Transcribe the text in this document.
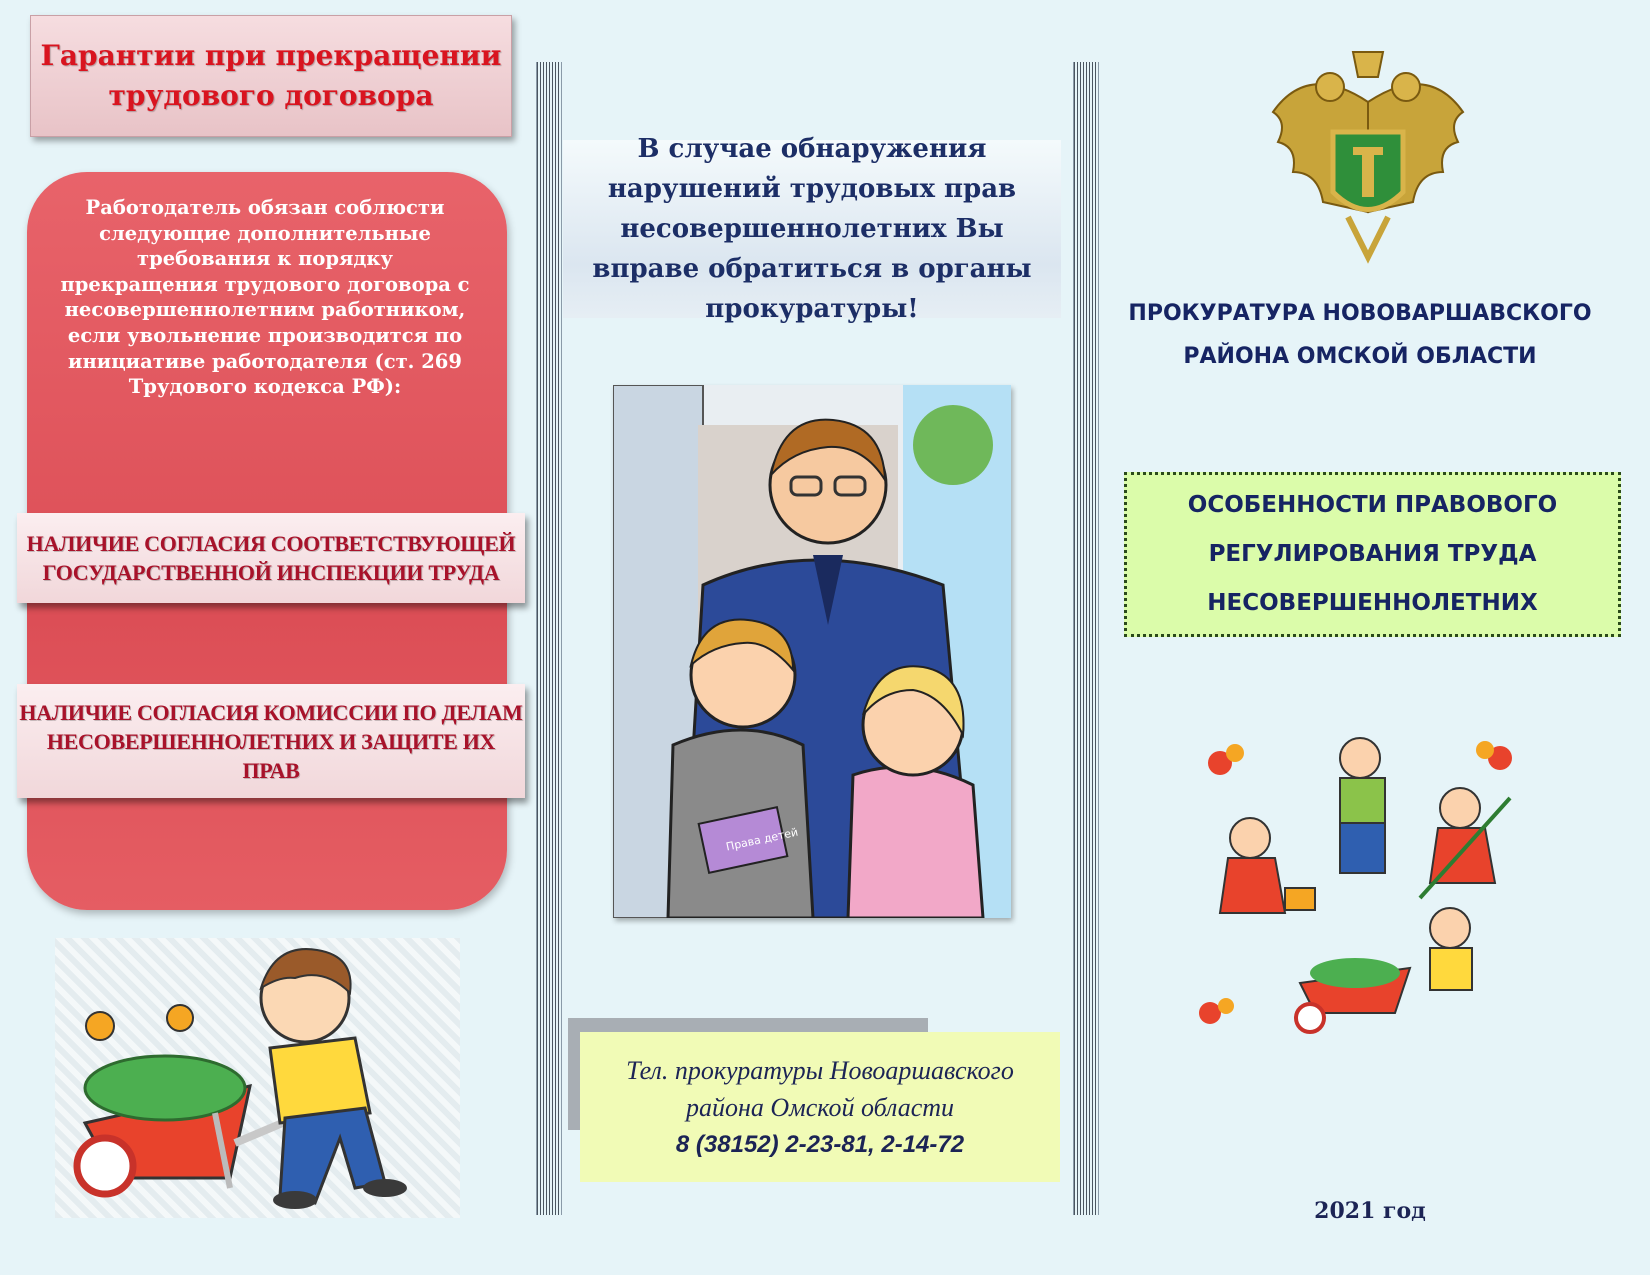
Гарантии при прекращении трудового договора
Работодатель обязан соблюсти следующие дополнительные требования к порядку прекращения трудового договора с несовершеннолетним работником, если увольнение производится по инициативе работодателя (ст. 269 Трудового кодекса РФ):
НАЛИЧИЕ СОГЛАСИЯ СООТВЕТСТВУЮЩЕЙ ГОСУДАРСТВЕННОЙ ИНСПЕКЦИИ ТРУДА
НАЛИЧИЕ СОГЛАСИЯ КОМИССИИ ПО ДЕЛАМ НЕСОВЕРШЕННОЛЕТНИХ И ЗАЩИТЕ ИХ ПРАВ
В случае обнаружения нарушений трудовых прав несовершеннолетних Вы вправе обратиться в органы прокуратуры!
Права детей
Тел. прокуратуры Новоаршавского
района Омской области
8 (38152) 2-23-81, 2-14-72
ПРОКУРАТУРА НОВОВАРШАВСКОГО
РАЙОНА ОМСКОЙ ОБЛАСТИ
ОСОБЕННОСТИ ПРАВОВОГО
РЕГУЛИРОВАНИЯ ТРУДА
НЕСОВЕРШЕННОЛЕТНИХ
2021 год
